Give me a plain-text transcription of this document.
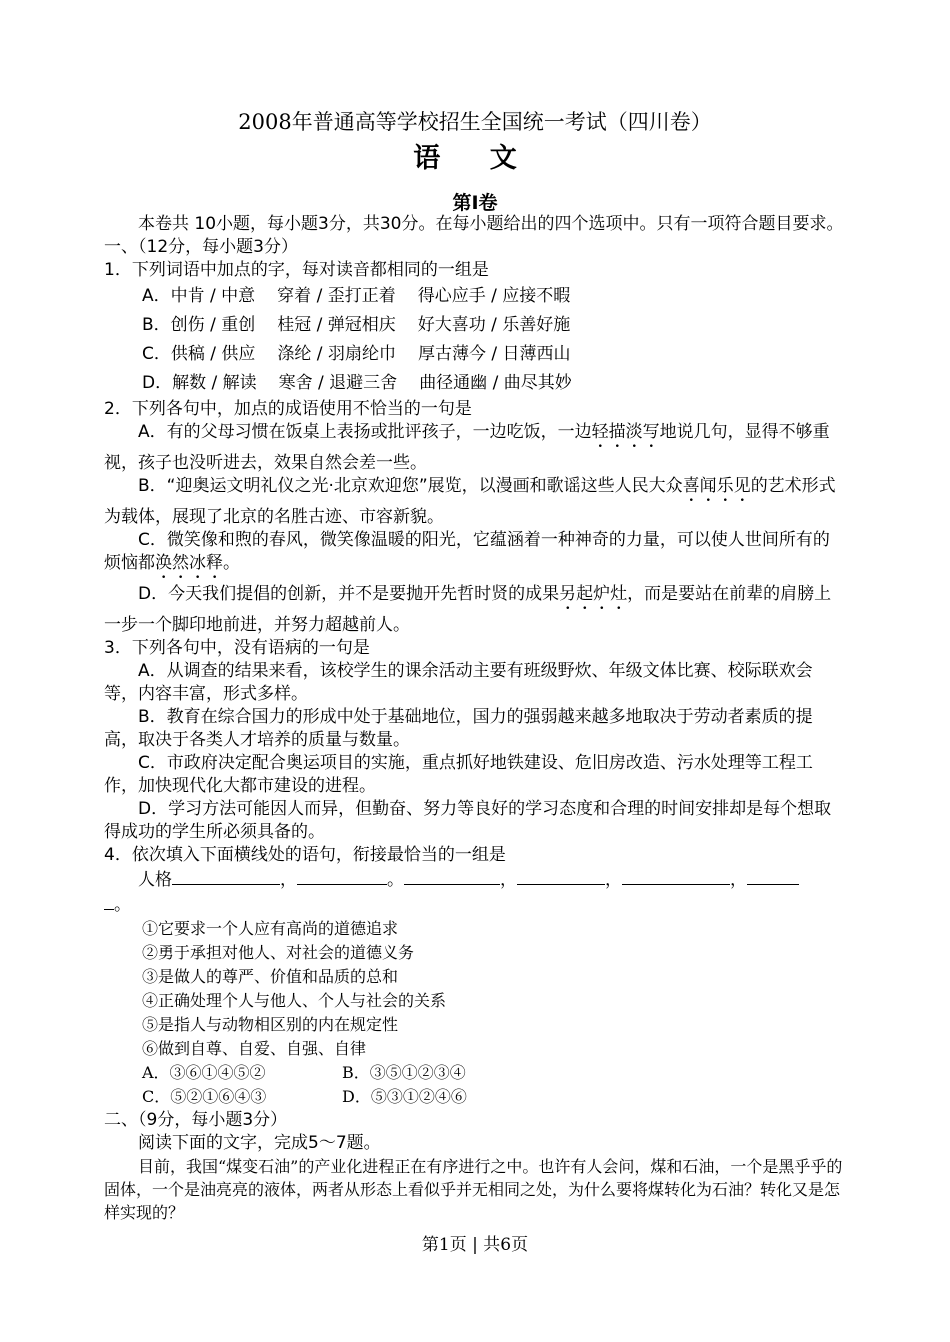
2008年普通高等学校招生全国统一考试（四川卷）
语 文
第Ⅰ卷

本卷共 10小题，每小题3分，共30分。在每小题给出的四个选项中。只有一项符合题目要求。

一、（12分，每小题3分）

1．下列词语中加点的字，每对读音都相同的一组是

A．中肯 / 中意 穿着 / 歪打正着 得心应手 / 应接不暇
B．创伤 / 重创 桂冠 / 弹冠相庆 好大喜功 / 乐善好施
C．供稿 / 供应 涤纶 / 羽扇纶巾 厚古薄今 / 日薄西山
D．解数 / 解读 寒舍 / 退避三舍 曲径通幽 / 曲尽其妙

2．下列各句中，加点的成语使用不恰当的一句是

A．有的父母习惯在饭桌上表扬或批评孩子，一边吃饭，一边轻描淡写地说几句，显得不够重视，孩子也没听进去，效果自然会差一些。

B．“迎奥运文明礼仪之光·北京欢迎您”展览，以漫画和歌谣这些人民大众喜闻乐见的艺术形式为载体，展现了北京的名胜古迹、市容新貌。

C．微笑像和煦的春风，微笑像温暖的阳光，它蕴涵着一种神奇的力量，可以使人世间所有的烦恼都涣然冰释。

D．今天我们提倡的创新，并不是要抛开先哲时贤的成果另起炉灶，而是要站在前辈的肩膀上一步一个脚印地前进，并努力超越前人。

3．下列各句中，没有语病的一句是

A．从调查的结果来看，该校学生的课余活动主要有班级野炊、年级文体比赛、校际联欢会等，内容丰富，形式多样。

B．教育在综合国力的形成中处于基础地位，国力的强弱越来越多地取决于劳动者素质的提高，取决于各类人才培养的质量与数量。

C．市政府决定配合奥运项目的实施，重点抓好地铁建设、危旧房改造、污水处理等工程工作，加快现代化大都市建设的进程。

D．学习方法可能因人而异，但勤奋、努力等良好的学习态度和合理的时间安排却是每个想取得成功的学生所必须具备的。

4．依次填入下面横线处的语句，衔接最恰当的一组是

人格	，	。	，	，	，

。

①它要求一个人应有高尚的道德追求
②勇于承担对他人、对社会的道德义务
③是做人的尊严、价值和品质的总和
④正确处理个人与他人、个人与社会的关系
⑤是指人与动物相区别的内在规定性
⑥做到自尊、自爱、自强、自律
A．③⑥①④⑤②	B．③⑤①②③④
C．⑤②①⑥④③	D．⑤③①②④⑥

二、（9分，每小题3分）

阅读下面的文字，完成5～7题。

目前，我国“煤变石油”的产业化进程正在有序进行之中。也许有人会问，煤和石油，一个是黑乎乎的固体，一个是油亮亮的液体，两者从形态上看似乎并无相同之处，为什么要将煤转化为石油？转化又是怎样实现的？

第1页 | 共6页
